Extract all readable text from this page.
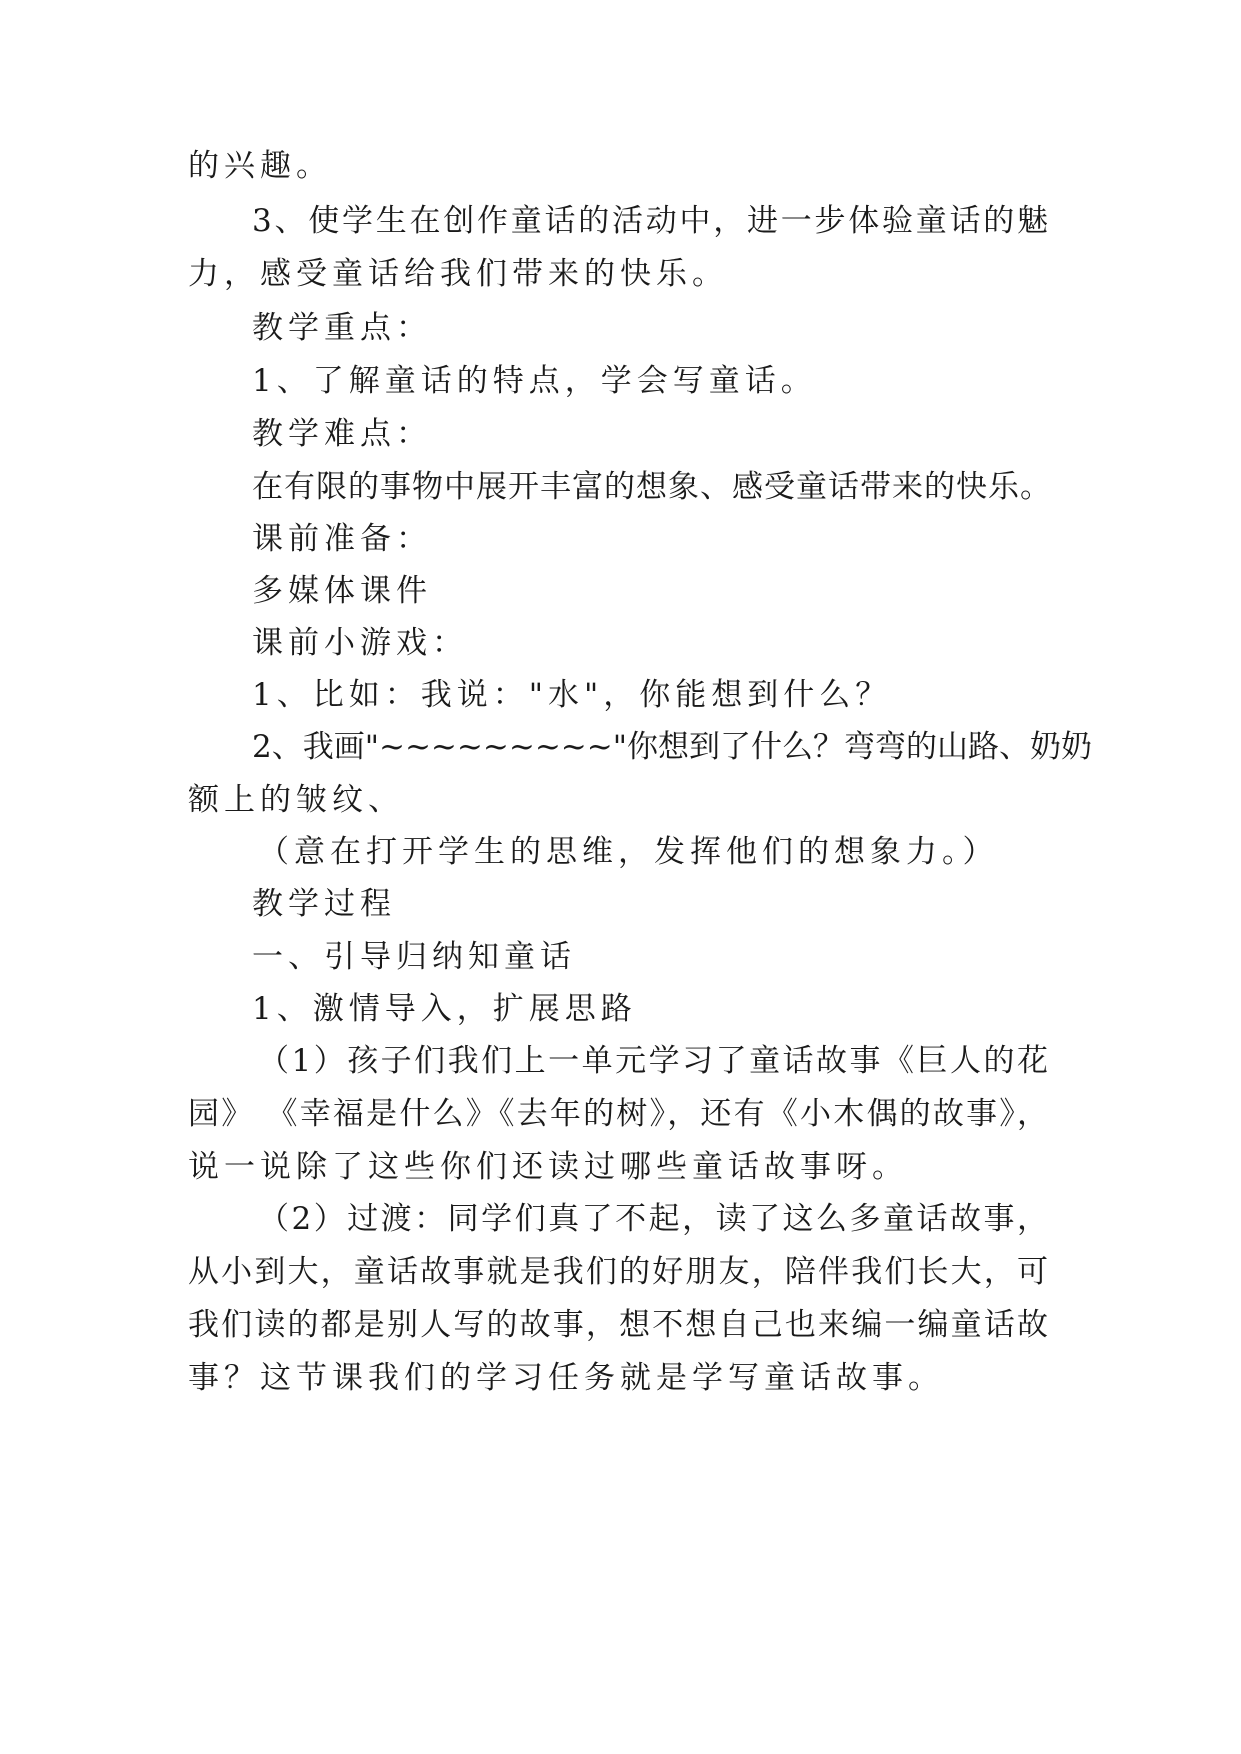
的兴趣。
3、使学生在创作童话的活动中，进一步体验童话的魅
力，感受童话给我们带来的快乐。
教学重点：
1、了解童话的特点，学会写童话。
教学难点：
在有限的事物中展开丰富的想象、感受童话带来的快乐。
课前准备：
多媒体课件
课前小游戏：
1、比如：我说："水"，你能想到什么？
2、我画"~~~~~~~~~"你想到了什么？弯弯的山路、奶奶
额上的皱纹、
（意在打开学生的思维，发挥他们的想象力。）
教学过程
一、引导归纳知童话
1、激情导入，扩展思路
（1）孩子们我们上一单元学习了童话故事《巨人的花
园》 《幸福是什么》《去年的树》，还有《小木偶的故事》，
说一说除了这些你们还读过哪些童话故事呀。
（2）过渡：同学们真了不起，读了这么多童话故事，
从小到大，童话故事就是我们的好朋友，陪伴我们长大，可
我们读的都是别人写的故事，想不想自己也来编一编童话故
事？这节课我们的学习任务就是学写童话故事。
